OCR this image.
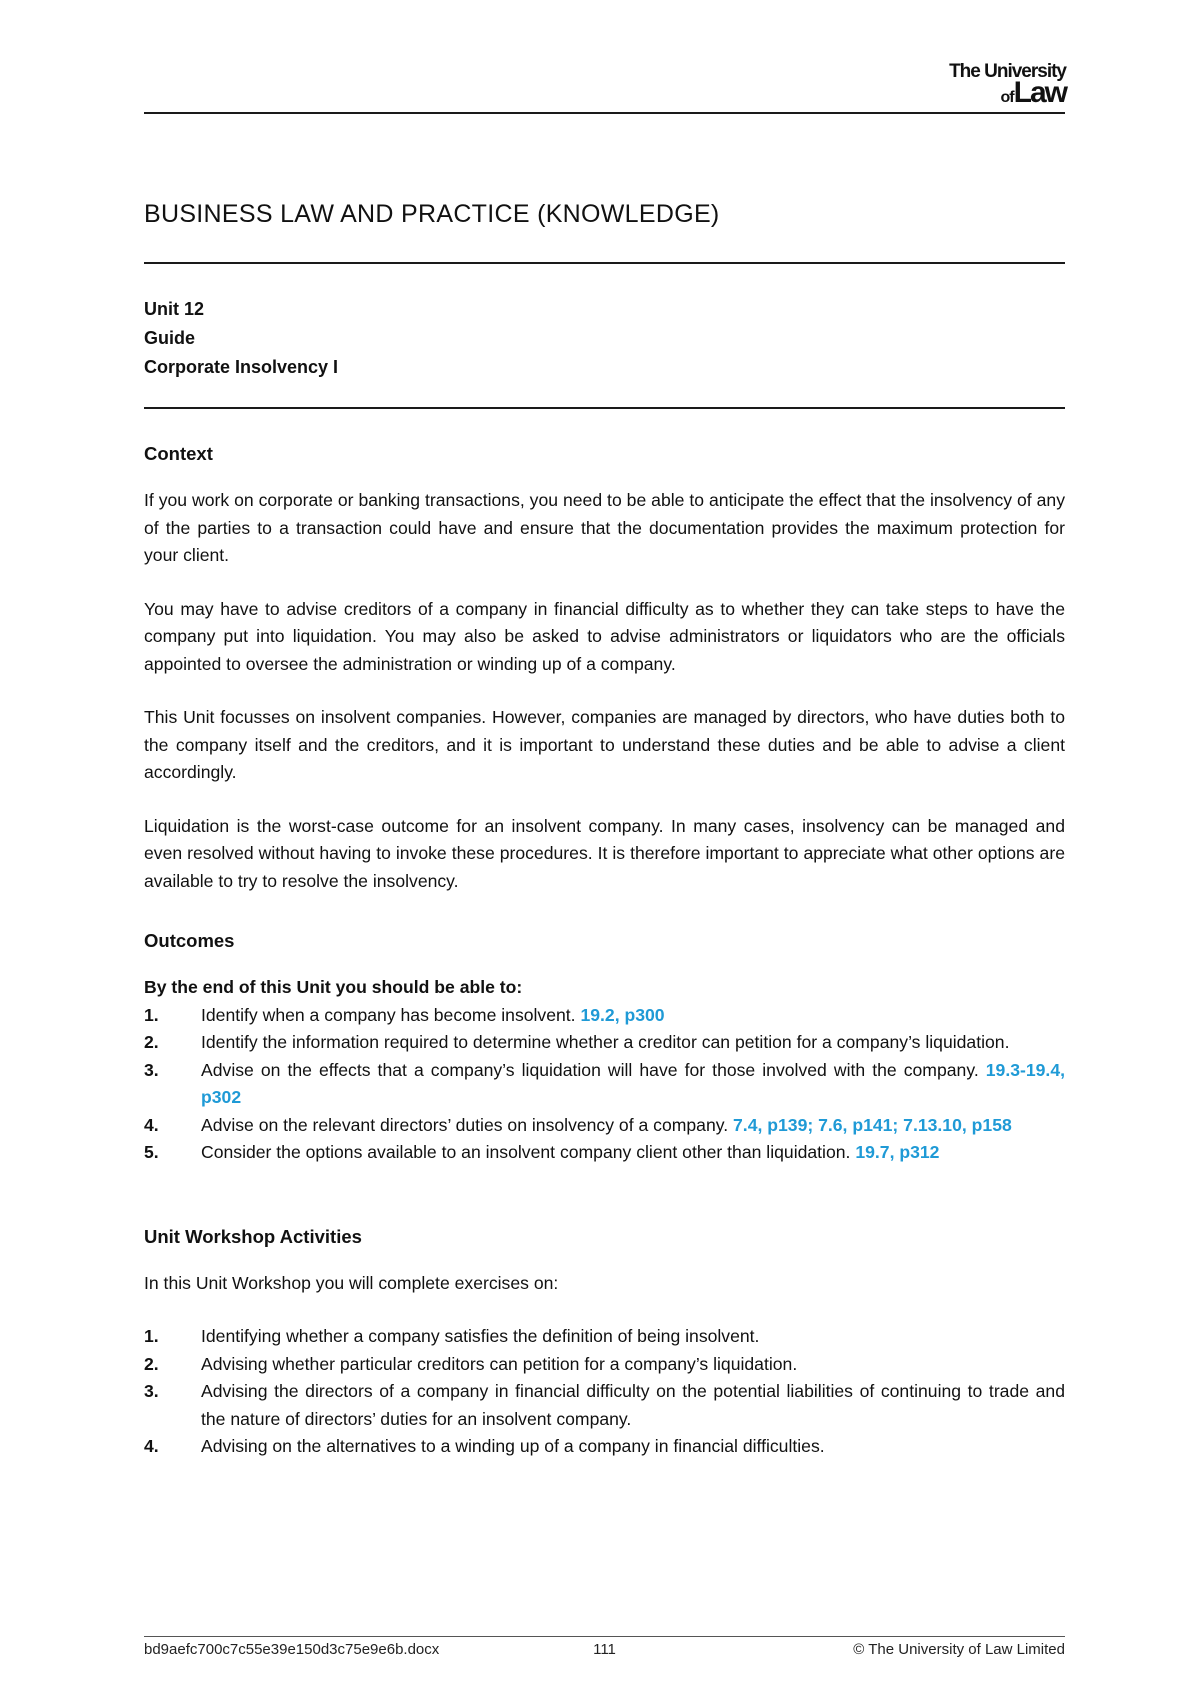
The University
ofLaw
BUSINESS LAW AND PRACTICE (KNOWLEDGE)
Unit 12
Guide
Corporate Insolvency I
Context

If you work on corporate or banking transactions, you need to be able to anticipate the effect that the insolvency of any of the parties to a transaction could have and ensure that the documentation provides the maximum protection for your client.

You may have to advise creditors of a company in financial difficulty as to whether they can take steps to have the company put into liquidation. You may also be asked to advise administrators or liquidators who are the officials appointed to oversee the administration or winding up of a company.

This Unit focusses on insolvent companies. However, companies are managed by directors, who have duties both to the company itself and the creditors, and it is important to understand these duties and be able to advise a client accordingly.

Liquidation is the worst-case outcome for an insolvent company. In many cases, insolvency can be managed and even resolved without having to invoke these procedures. It is therefore important to appreciate what other options are available to try to resolve the insolvency.

Outcomes
By the end of this Unit you should be able to:
1.	Identify when a company has become insolvent. 19.2, p300
2.	Identify the information required to determine whether a creditor can petition for a company’s liquidation.
3.	Advise on the effects that a company’s liquidation will have for those involved with the company. 19.3-19.4, p302
4.	Advise on the relevant directors’ duties on insolvency of a company. 7.4, p139; 7.6, p141; 7.13.10, p158
5.	Consider the options available to an insolvent company client other than liquidation. 19.7, p312
Unit Workshop Activities
In this Unit Workshop you will complete exercises on:
1.	Identifying whether a company satisfies the definition of being insolvent.
2.	Advising whether particular creditors can petition for a company’s liquidation.
3.	Advising the directors of a company in financial difficulty on the potential liabilities of continuing to trade and the nature of directors’ duties for an insolvent company.
4.	Advising on the alternatives to a winding up of a company in financial difficulties.
bd9aefc700c7c55e39e150d3c75e9e6b.docx	111	© The University of Law Limited
